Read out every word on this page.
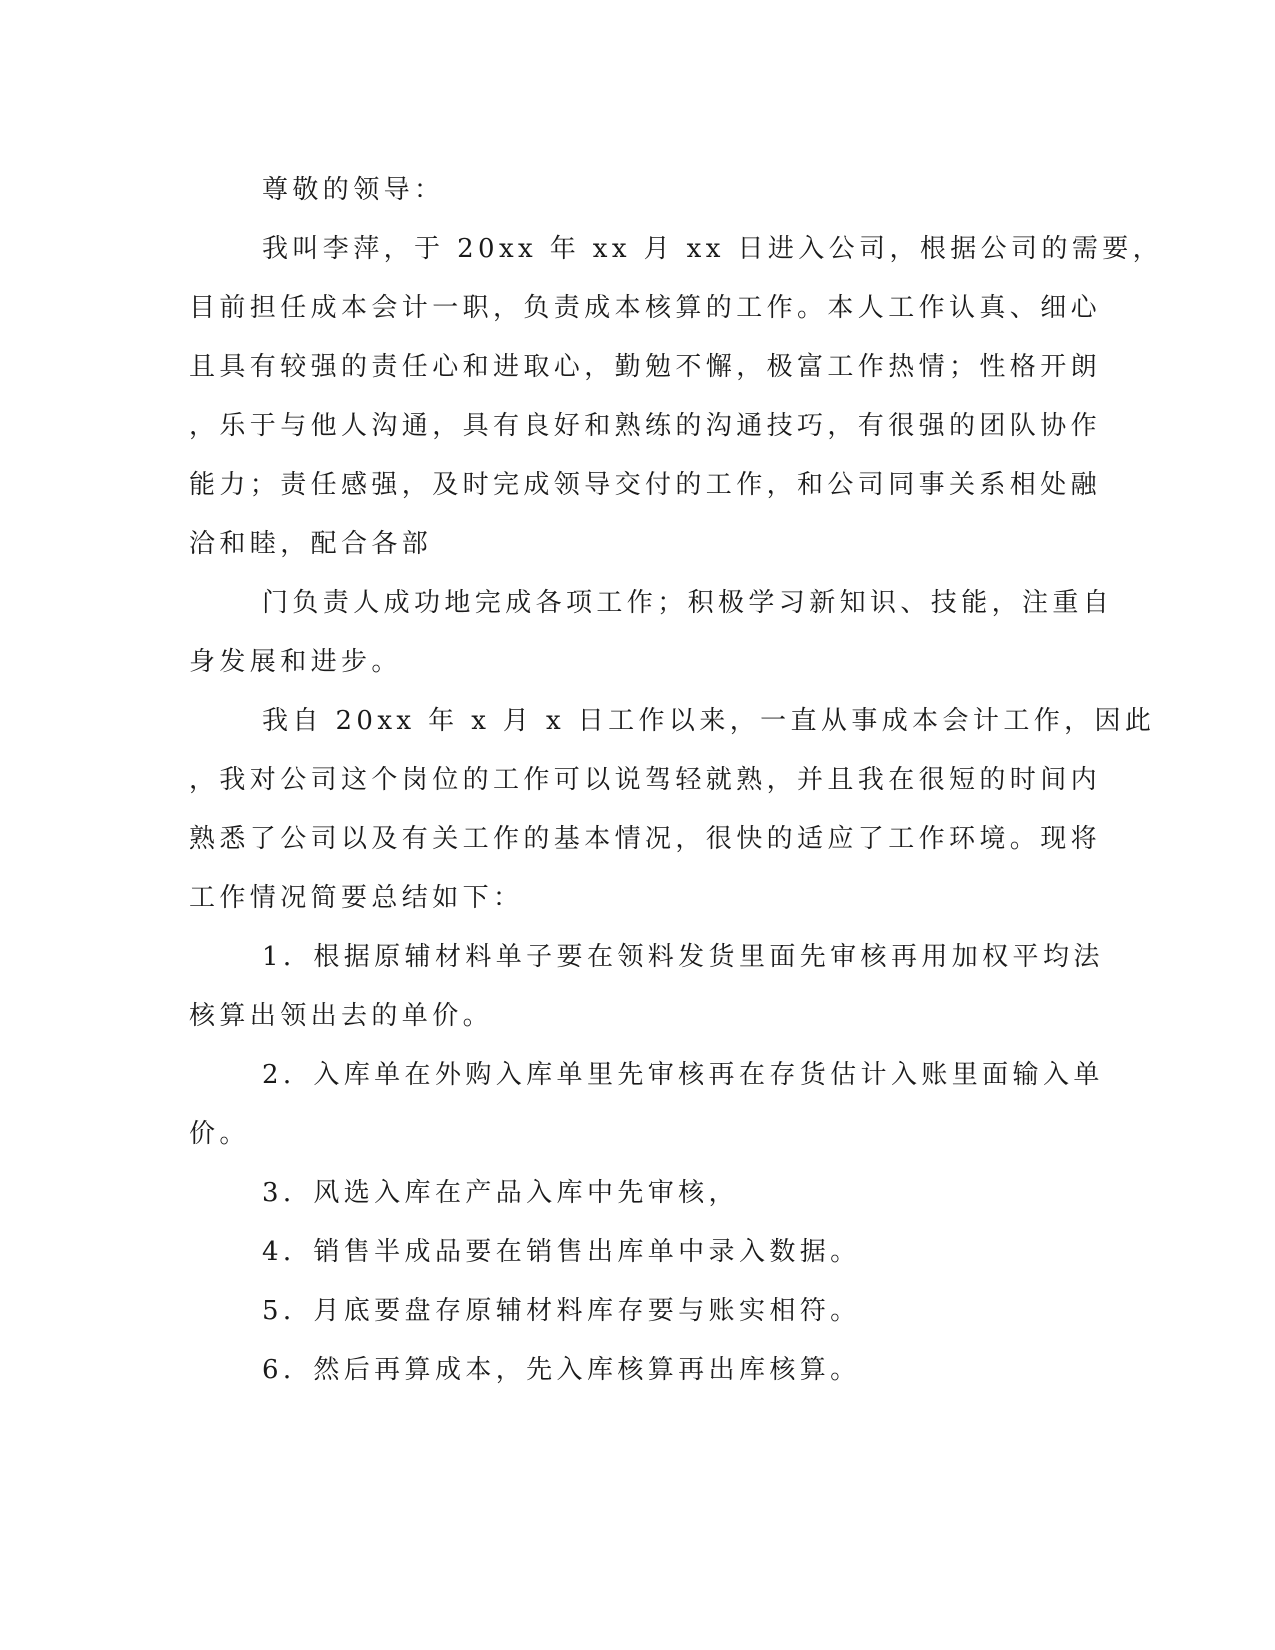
尊敬的领导：
我叫李萍，于 20xx 年 xx 月 xx 日进入公司，根据公司的需要，
目前担任成本会计一职，负责成本核算的工作。本人工作认真、细心
且具有较强的责任心和进取心，勤勉不懈，极富工作热情；性格开朗
，乐于与他人沟通，具有良好和熟练的沟通技巧，有很强的团队协作
能力；责任感强，及时完成领导交付的工作，和公司同事关系相处融
洽和睦，配合各部
门负责人成功地完成各项工作；积极学习新知识、技能，注重自
身发展和进步。
我自 20xx 年 x 月 x 日工作以来，一直从事成本会计工作，因此
，我对公司这个岗位的工作可以说驾轻就熟，并且我在很短的时间内
熟悉了公司以及有关工作的基本情况，很快的适应了工作环境。现将
工作情况简要总结如下：
1．根据原辅材料单子要在领料发货里面先审核再用加权平均法
核算出领出去的单价。
2．入库单在外购入库单里先审核再在存货估计入账里面输入单
价。
3．风选入库在产品入库中先审核，
4．销售半成品要在销售出库单中录入数据。
5．月底要盘存原辅材料库存要与账实相符。
6．然后再算成本，先入库核算再出库核算。
